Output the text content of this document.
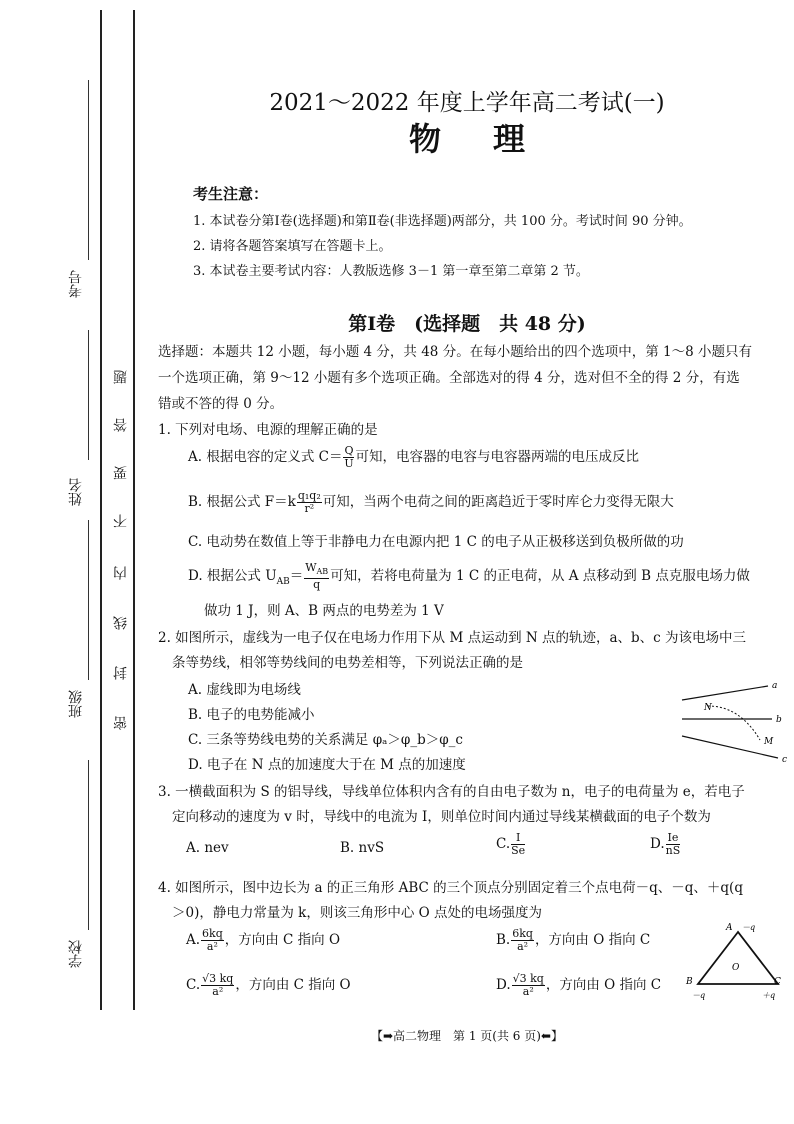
考号
姓名
班级
学校
题
答
要
不
内
线
封
密
2021～2022 年度上学年高二考试(一)
物理
考生注意：
1. 本试卷分第Ⅰ卷(选择题)和第Ⅱ卷(非选择题)两部分，共 100 分。考试时间 90 分钟。
2. 请将各题答案填写在答题卡上。
3. 本试卷主要考试内容：人教版选修 3－1 第一章至第二章第 2 节。
第Ⅰ卷　(选择题　共 48 分)
选择题：本题共 12 小题，每小题 4 分，共 48 分。在每小题给出的四个选项中，第 1～8 小题只有
一个选项正确，第 9～12 小题有多个选项正确。全部选对的得 4 分，选对但不全的得 2 分，有选
错或不答的得 0 分。
1. 下列对电场、电源的理解正确的是
A. 根据电容的定义式 $C= \frac{Q}{U}$ 可知，电容器的电容与电容器两端的电压成反比
B. 根据公式 $F=k \frac{\text{q₁q₂}}{\text{r²}}$ 可知，当两个电荷之间的距离趋近于零时库仑力变得无限大
C. 电动势在数值上等于非静电力在电源内把 1 C 的电子从正极移送到负极所做的功
D. 根据公式 $U_{AB}= \frac{W_{AB}}{q}$ 可知，若将电荷量为 1 C 的正电荷，从 A 点移动到 B 点克服电场力做
做功 1 J，则 A、B 两点的电势差为 1 V
2. 如图所示，虚线为一电子仅在电场力作用下从 M 点运动到 N 点的轨迹，a、b、c 为该电场中三
条等势线，相邻等势线间的电势差相等，下列说法正确的是
A. 虚线即为电场线
B. 电子的电势能减小
C. 三条等势线电势的关系满足 φₐ＞φ_b＞φ_c
D. 电子在 N 点的加速度大于在 M 点的加速度
a
b
c
N
M
3. 一横截面积为 S 的铝导线，导线单位体积内含有的自由电子数为 n，电子的电荷量为 e，若电子
定向移动的速度为 v 时，导线中的电流为 I，则单位时间内通过导线某横截面的电子个数为
A. nev	B. nvS	C. $\frac{I}{Se}$	D. $\frac{Ie}{nS}$
4. 如图所示，图中边长为 a 的正三角形 ABC 的三个顶点分别固定着三个点电荷－q、－q、＋q(q
＞0)，静电力常量为 k，则该三角形中心 O 点处的电场强度为
A. $\frac{6kq}{\text{a²}}$ ，方向由 C 指向 O	B. $\frac{6kq}{\text{a²}}$ ，方向由 O 指向 C
C. $\frac{√3 kq}{\text{a²}}$ ，方向由 C 指向 O	D. $\frac{√3 kq}{\text{a²}}$ ，方向由 O 指向 C
A －q
B
－q
C
＋q
O
【➡高二物理　第 1 页(共 6 页)⬅】
